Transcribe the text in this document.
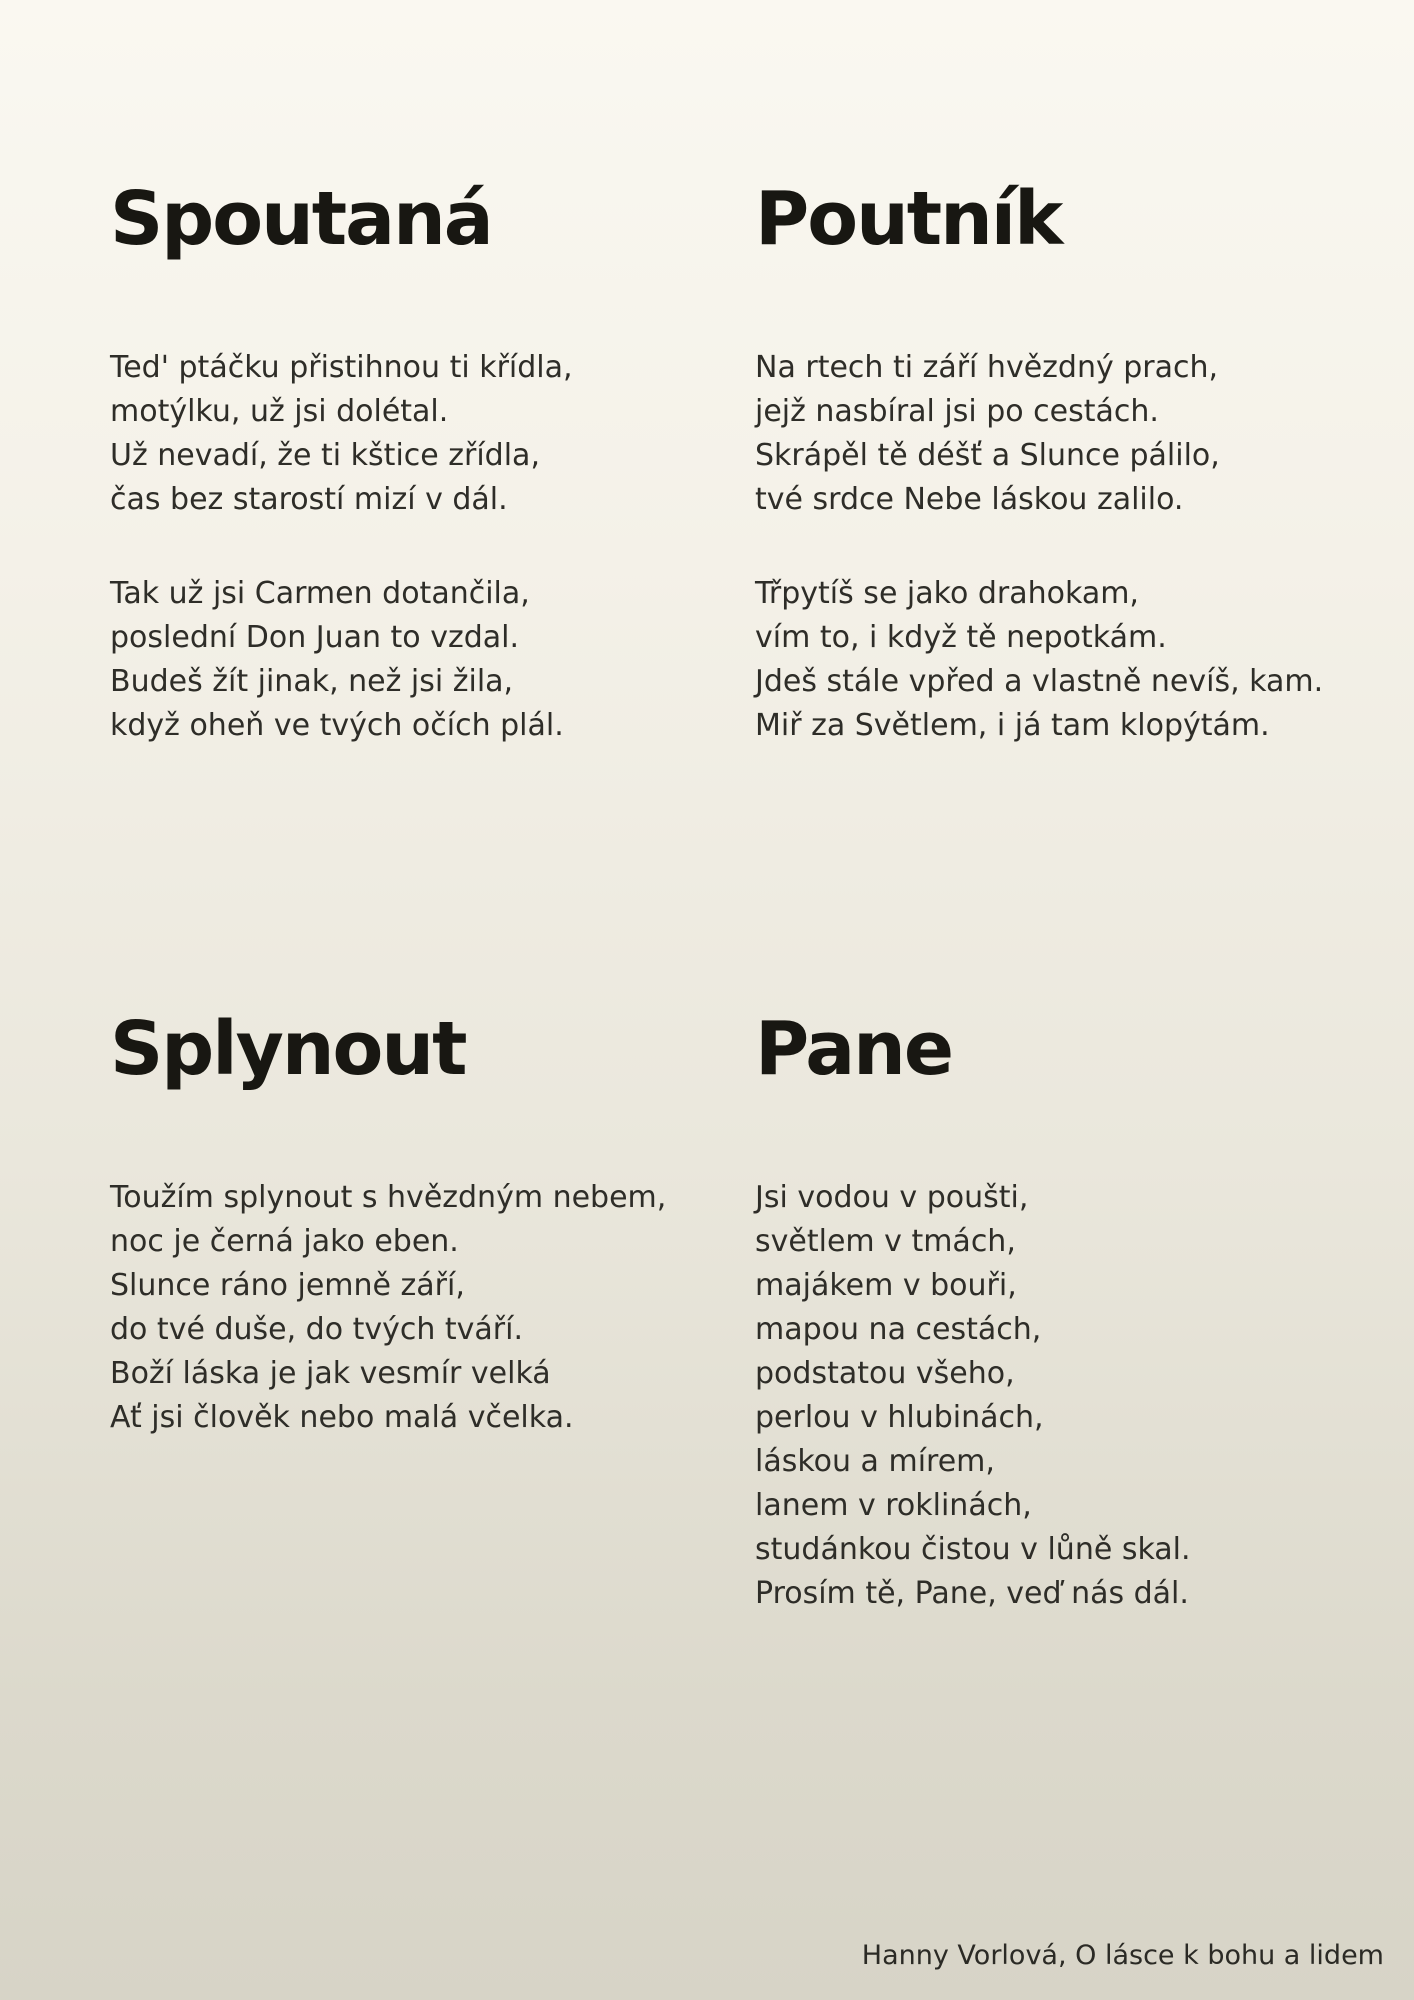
Spoutaná

Ted' ptáčku přistihnou ti křídla,
motýlku, už jsi dolétal.
Už nevadí, že ti kštice zřídla,
čas bez starostí mizí v dál.

Tak už jsi Carmen dotančila,
poslední Don Juan to vzdal.
Budeš žít jinak, než jsi žila,
když oheň ve tvých očích plál.

Poutník

Na rtech ti září hvězdný prach,
jejž nasbíral jsi po cestách.
Skrápěl tě déšť a Slunce pálilo,
tvé srdce Nebe láskou zalilo.

Třpytíš se jako drahokam,
vím to, i když tě nepotkám.
Jdeš stále vpřed a vlastně nevíš, kam.
Miř za Světlem, i já tam klopýtám.

Splynout

Toužím splynout s hvězdným nebem,
noc je černá jako eben.
Slunce ráno jemně září,
do tvé duše, do tvých tváří.
Boží láska je jak vesmír velká
Ať jsi člověk nebo malá včelka.

Pane

Jsi vodou v poušti,
světlem v tmách,
majákem v bouři,
mapou na cestách,
podstatou všeho,
perlou v hlubinách,
láskou a mírem,
lanem v roklinách,
studánkou čistou v lůně skal.
Prosím tě, Pane, veď nás dál.

Hanny Vorlová, O lásce k bohu a lidem
